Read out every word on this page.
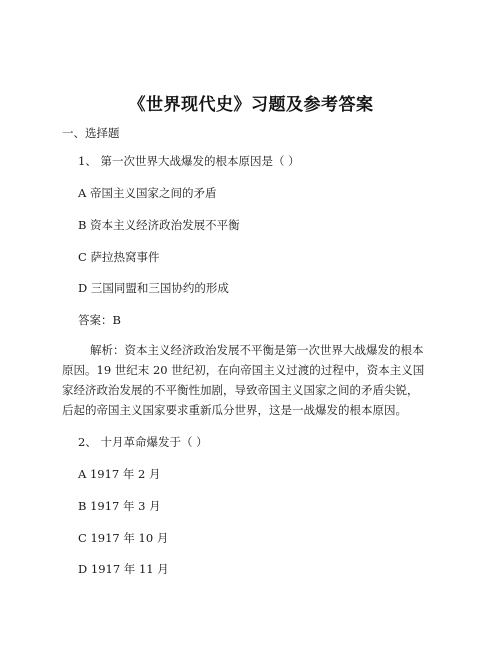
《世界现代史》习题及参考答案
一、选择题
1、 第一次世界大战爆发的根本原因是（ ）
A 帝国主义国家之间的矛盾
B 资本主义经济政治发展不平衡
C 萨拉热窝事件
D 三国同盟和三国协约的形成
答案：B
解析：资本主义经济政治发展不平衡是第一次世界大战爆发的根本
原因。19 世纪末 20 世纪初，在向帝国主义过渡的过程中，资本主义国
家经济政治发展的不平衡性加剧，导致帝国主义国家之间的矛盾尖锐，
后起的帝国主义国家要求重新瓜分世界，这是一战爆发的根本原因。
2、 十月革命爆发于（ ）
A 1917 年 2 月
B 1917 年 3 月
C 1917 年 10 月
D 1917 年 11 月
